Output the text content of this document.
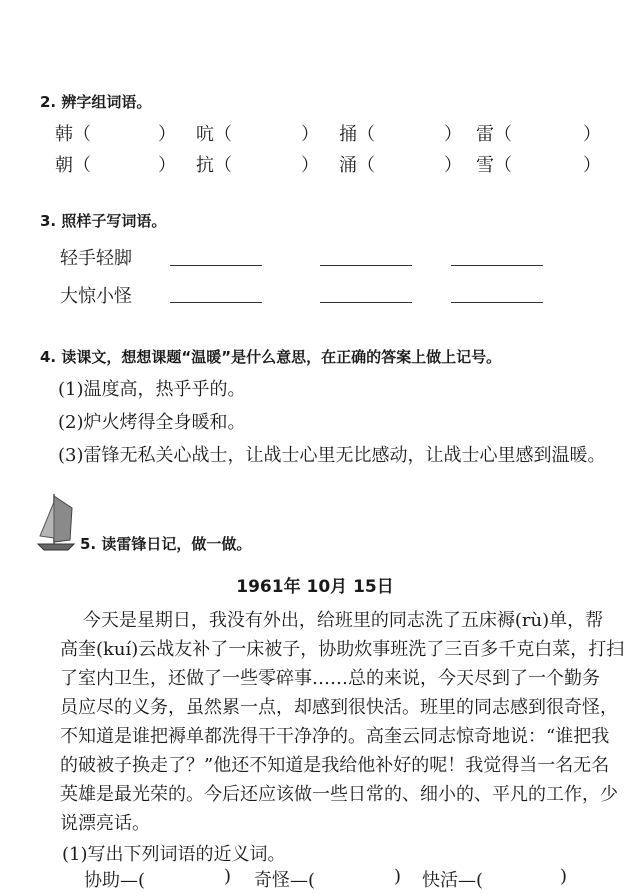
2. 辨字组词语。
韩（	） 吭（	） 捅（	） 雷（	）
朝（	） 抗（	） 涌（	） 雪（	）
3. 照样子写词语。
轻手轻脚
大惊小怪
4. 读课文，想想课题“温暖”是什么意思，在正确的答案上做上记号。
(1)温度高，热乎乎的。
(2)炉火烤得全身暖和。
(3)雷锋无私关心战士，让战士心里无比感动，让战士心里感到温暖。
5. 读雷锋日记，做一做。
1961年 10月 15日
今天是星期日，我没有外出，给班里的同志洗了五床褥(rù)单，帮
高奎(kuí)云战友补了一床被子，协助炊事班洗了三百多千克白菜，打扫
了室内卫生，还做了一些零碎事……总的来说，今天尽到了一个勤务
员应尽的义务，虽然累一点，却感到很快活。班里的同志感到很奇怪，
不知道是谁把褥单都洗得干干净净的。高奎云同志惊奇地说：“谁把我
的破被子换走了？”他还不知道是我给他补好的呢！我觉得当一名无名
英雄是最光荣的。今后还应该做一些日常的、细小的、平凡的工作，少
说漂亮话。
(1)写出下列词语的近义词。
协助—(	) 奇怪—(	) 快活—(	)
